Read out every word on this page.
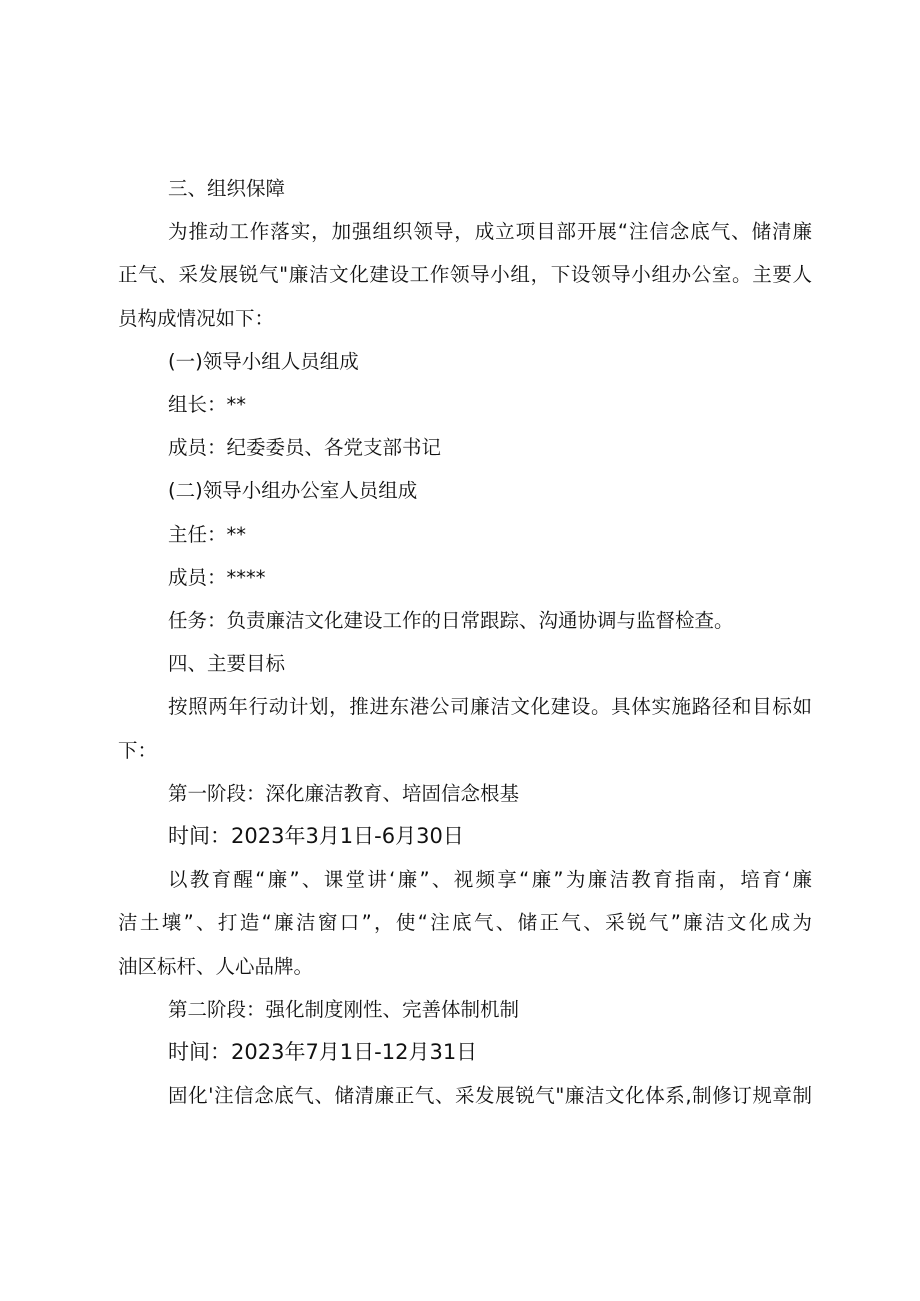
三、组织保障
为推动工作落实，加强组织领导，成立项目部开展“注信念底气、储清廉
正气、采发展锐气"廉洁文化建设工作领导小组，下设领导小组办公室。主要人
员构成情况如下：
(一)领导小组人员组成
组长：**
成员：纪委委员、各党支部书记
(二)领导小组办公室人员组成
主任：**
成员：****
任务：负责廉洁文化建设工作的日常跟踪、沟通协调与监督检查。
四、主要目标
按照两年行动计划，推进东港公司廉洁文化建设。具体实施路径和目标如
下：
第一阶段：深化廉洁教育、培固信念根基
时间：2023年3月1日-6月30日
以教育醒“廉”、课堂讲‘廉”、视频享“廉”为廉洁教育指南，培育‘廉
洁土壤”、打造“廉洁窗口”，使“注底气、储正气、采锐气”廉洁文化成为
油区标杆、人心品牌。
第二阶段：强化制度刚性、完善体制机制
时间：2023年7月1日-12月31日
固化'注信念底气、储清廉正气、采发展锐气"廉洁文化体系,制修订规章制
